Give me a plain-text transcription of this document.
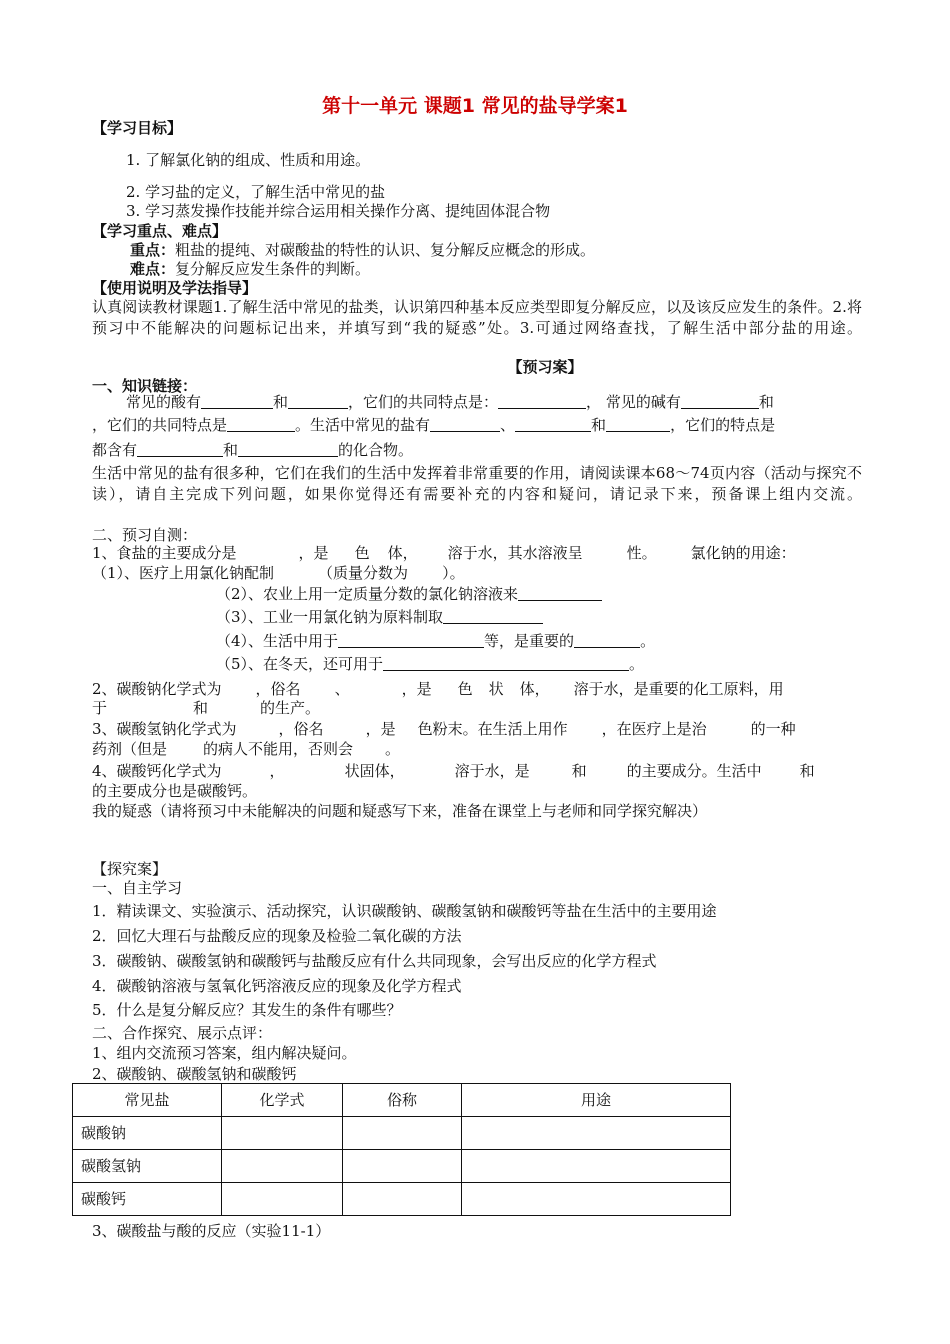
第十一单元 课题1 常见的盐导学案1
【学习目标】
1. 了解氯化钠的组成、性质和用途。
2. 学习盐的定义，了解生活中常见的盐
3. 学习蒸发操作技能并综合运用相关操作分离、提纯固体混合物
【学习重点、难点】
重点：粗盐的提纯、对碳酸盐的特性的认识、复分解反应概念的形成。
难点：复分解反应发生条件的判断。
【使用说明及学法指导】
认真阅读教材课题1.了解生活中常见的盐类，认识第四种基本反应类型即复分解反应，以及该反应发生的条件。2.将预习中不能解决的问题标记出来，并填写到“我的疑惑”处。3.可通过网络查找，了解生活中部分盐的用途。
【预习案】
一、知识链接：
常见的酸有	和	，它们的共同特点是：	， 常见的碱有	和
，它们的共同特点是	。生活中常见的盐有	、	和	，它们的特点是
都含有	和	的化合物。
生活中常见的盐有很多种，它们在我们的生活中发挥着非常重要的作用，请阅读课本68～74页内容（活动与探究不读），请自主完成下列问题，如果你觉得还有需要补充的内容和疑问，请记录下来，预备课上组内交流。
二、预习自测：
1、食盐的主要成分是	，是 色 体， 溶于水，其水溶液呈	性。 氯化钠的用途：
（1）、医疗上用氯化钠配制	（质量分数为 ）。
（2）、农业上用一定质量分数的氯化钠溶液来
（3）、工业一用氯化钠为原料制取
（4）、生活中用于	等，是重要的	。
（5）、在冬天，还可用于	。
2、碳酸钠化学式为 ，俗名 、	，是 色 状 体， 溶于水，是重要的化工原料，用
于	和	的生产。
3、碳酸氢钠化学式为	，俗名	，是 色粉末。在生活上用作 ，在医疗上是治	的一种
药剂（但是 的病人不能用，否则会 。
4、碳酸钙化学式为	，	状固体，	溶于水，是	和	的主要成分。生活中	和
的主要成分也是碳酸钙。
我的疑惑（请将预习中未能解决的问题和疑惑写下来，准备在课堂上与老师和同学探究解决）
【探究案】
一、自主学习
1．精读课文、实验演示、活动探究，认识碳酸钠、碳酸氢钠和碳酸钙等盐在生活中的主要用途
2．回忆大理石与盐酸反应的现象及检验二氧化碳的方法
3．碳酸钠、碳酸氢钠和碳酸钙与盐酸反应有什么共同现象，会写出反应的化学方程式
4．碳酸钠溶液与氢氧化钙溶液反应的现象及化学方程式
5．什么是复分解反应？其发生的条件有哪些？
二、合作探究、展示点评：
1、组内交流预习答案，组内解决疑问。
2、碳酸钠、碳酸氢钠和碳酸钙
常见盐	化学式	俗称	用途
碳酸钠			
碳酸氢钠			
碳酸钙			
3、碳酸盐与酸的反应（实验11-1）
